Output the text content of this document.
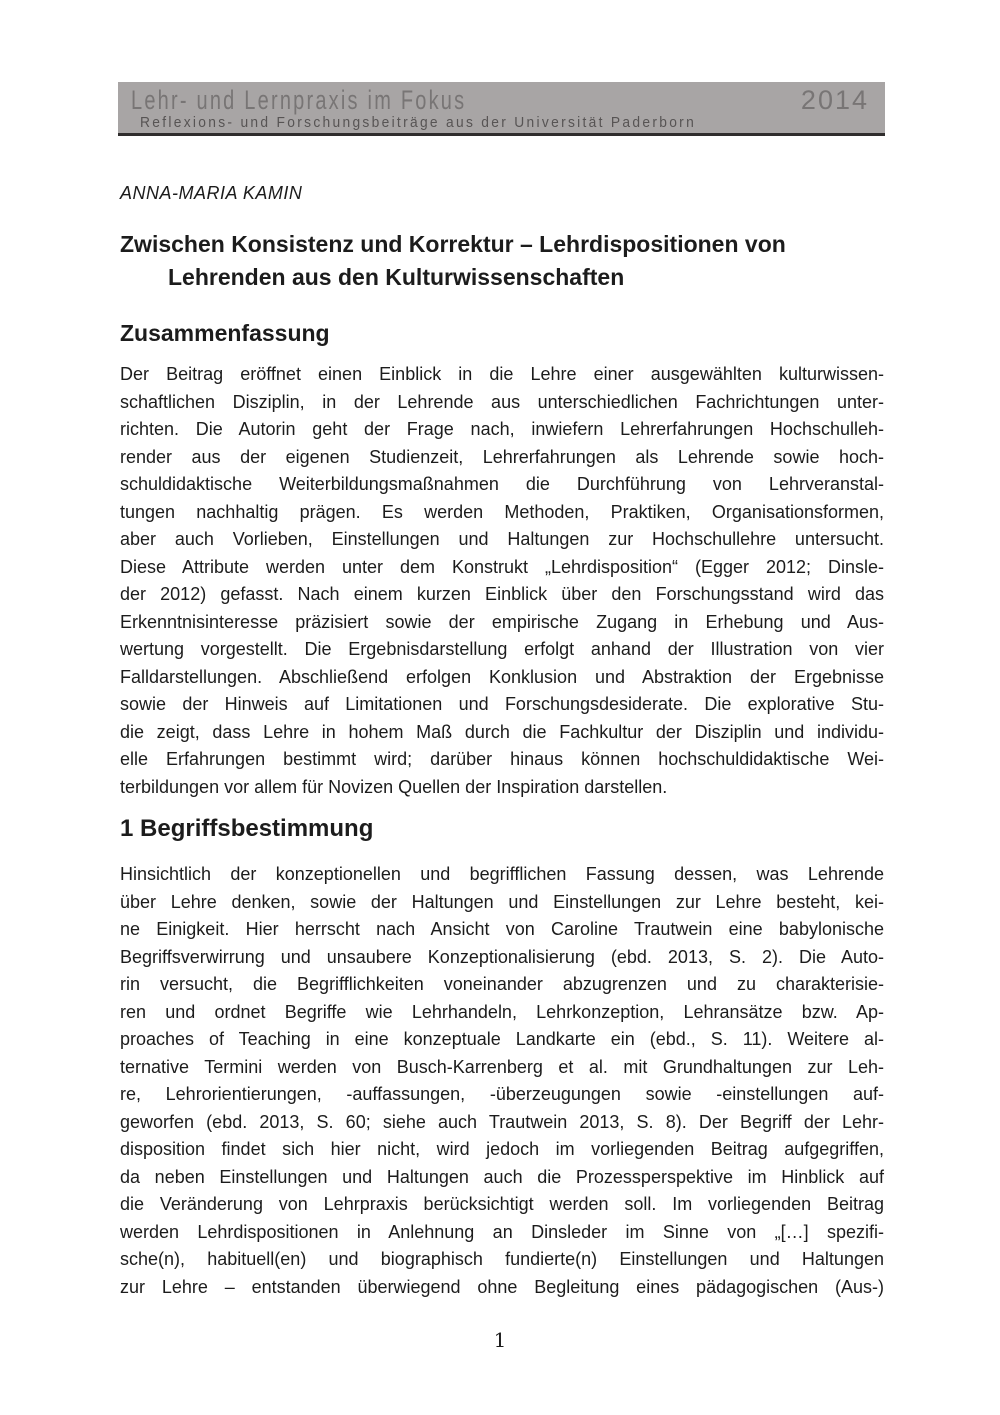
Lehr- und Lernpraxis im Fokus	2014
Reflexions- und Forschungsbeiträge aus der Universität Paderborn
ANNA-MARIA KAMIN
Zwischen Konsistenz und Korrektur – Lehrdispositionen von
Lehrenden aus den Kulturwissenschaften
Zusammenfassung
Der Beitrag eröffnet einen Einblick in die Lehre einer ausgewählten kulturwissen-
schaftlichen Disziplin, in der Lehrende aus unterschiedlichen Fachrichtungen unter-
richten. Die Autorin geht der Frage nach, inwiefern Lehrerfahrungen Hochschulleh-
render aus der eigenen Studienzeit, Lehrerfahrungen als Lehrende sowie hoch-
schuldidaktische Weiterbildungsmaßnahmen die Durchführung von Lehrveranstal-
tungen nachhaltig prägen. Es werden Methoden, Praktiken, Organisationsformen,
aber auch Vorlieben, Einstellungen und Haltungen zur Hochschullehre untersucht.
Diese Attribute werden unter dem Konstrukt „Lehrdisposition“ (Egger 2012; Dinsle-
der 2012) gefasst. Nach einem kurzen Einblick über den Forschungsstand wird das
Erkenntnisinteresse präzisiert sowie der empirische Zugang in Erhebung und Aus-
wertung vorgestellt. Die Ergebnisdarstellung erfolgt anhand der Illustration von vier
Falldarstellungen. Abschließend erfolgen Konklusion und Abstraktion der Ergebnisse
sowie der Hinweis auf Limitationen und Forschungsdesiderate. Die explorative Stu-
die zeigt, dass Lehre in hohem Maß durch die Fachkultur der Disziplin und individu-
elle Erfahrungen bestimmt wird; darüber hinaus können hochschuldidaktische Wei-
terbildungen vor allem für Novizen Quellen der Inspiration darstellen.
1 Begriffsbestimmung
Hinsichtlich der konzeptionellen und begrifflichen Fassung dessen, was Lehrende
über Lehre denken, sowie der Haltungen und Einstellungen zur Lehre besteht, kei-
ne Einigkeit. Hier herrscht nach Ansicht von Caroline Trautwein eine babylonische
Begriffsverwirrung und unsaubere Konzeptionalisierung (ebd. 2013, S. 2). Die Auto-
rin versucht, die Begrifflichkeiten voneinander abzugrenzen und zu charakterisie-
ren und ordnet Begriffe wie Lehrhandeln, Lehrkonzeption, Lehransätze bzw. Ap-
proaches of Teaching in eine konzeptuale Landkarte ein (ebd., S. 11). Weitere al-
ternative Termini werden von Busch-Karrenberg et al. mit Grundhaltungen zur Leh-
re, Lehrorientierungen, -auffassungen, -überzeugungen sowie -einstellungen auf-
geworfen (ebd. 2013, S. 60; siehe auch Trautwein 2013, S. 8). Der Begriff der Lehr-
disposition findet sich hier nicht, wird jedoch im vorliegenden Beitrag aufgegriffen,
da neben Einstellungen und Haltungen auch die Prozessperspektive im Hinblick auf
die Veränderung von Lehrpraxis berücksichtigt werden soll. Im vorliegenden Beitrag
werden Lehrdispositionen in Anlehnung an Dinsleder im Sinne von „[…] spezifi-
sche(n), habituell(en) und biographisch fundierte(n) Einstellungen und Haltungen
zur Lehre – entstanden überwiegend ohne Begleitung eines pädagogischen (Aus-)
1
